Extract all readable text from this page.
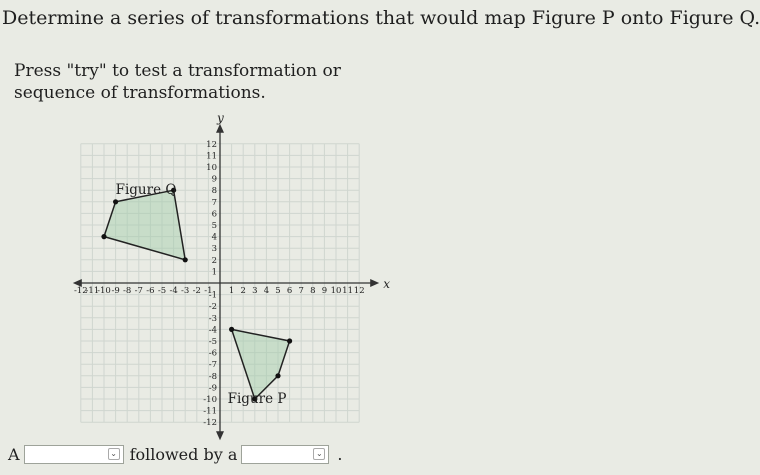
Determine a series of transformations that would map Figure P onto Figure Q.
Press "try" to test a transformation or sequence of transformations.
x
y
-12
-12
-11
-11
-10
-10
-9
-9
-8
-8
-7
-7
-6
-6
-5
-5
-4
-4
-3
-3
-2
-2
-1
-1 1
1
2
2
3
3
4
4
5
5
6
6
7
7
8
8
9
9
10
10
11
11
12
12
Figure Q
Figure P
A	⌄ followed by a	⌄ .
